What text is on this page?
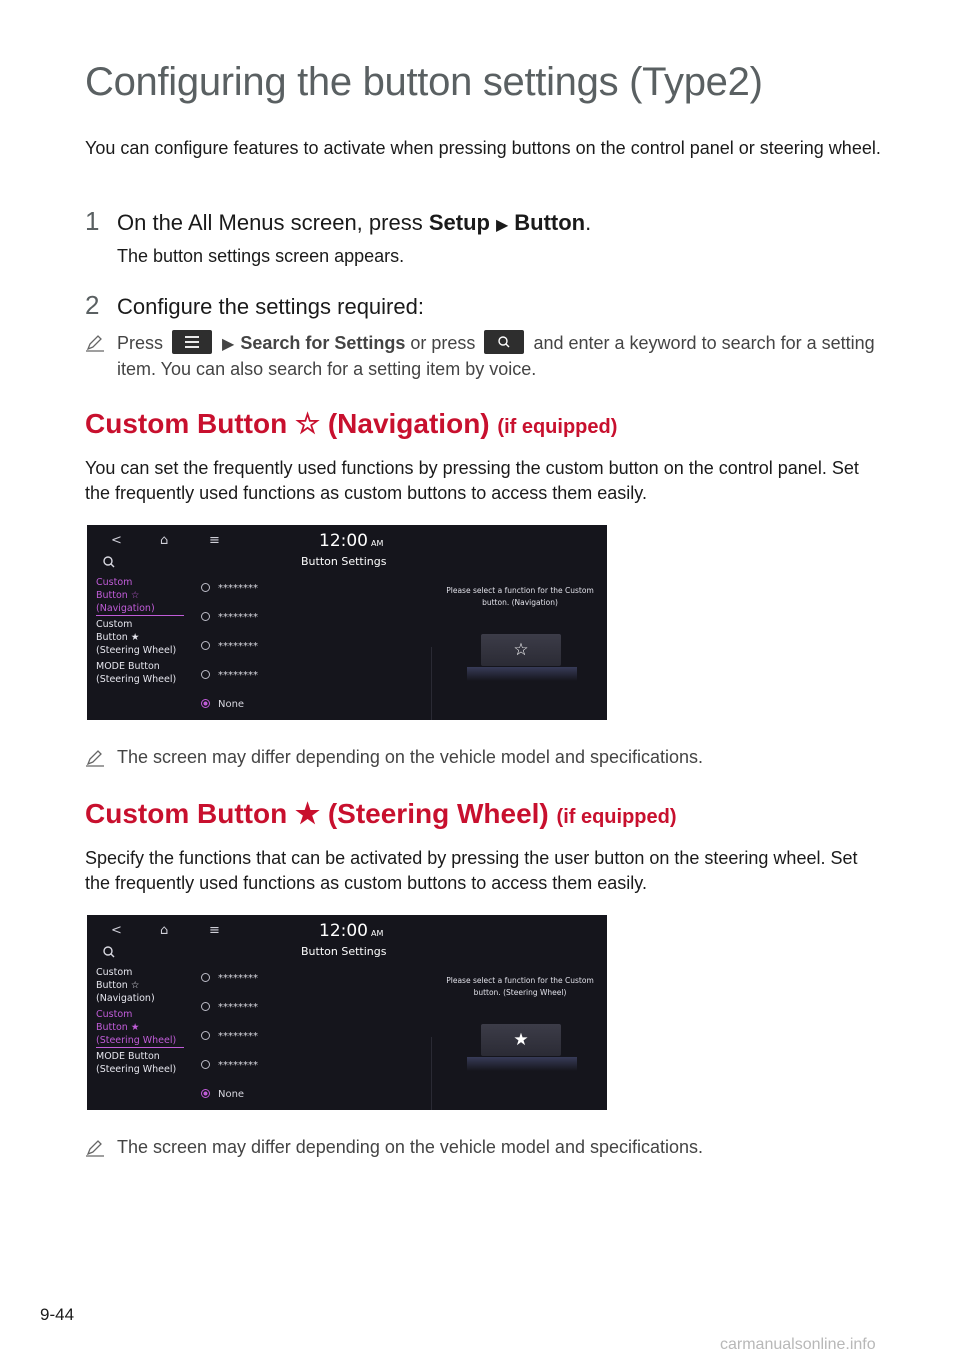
Configuring the button settings (Type2)

You can configure features to activate when pressing buttons on the control panel or steering wheel.

1 On the All Menus screen, press Setup ▶ Button.
The button settings screen appears.
2 Configure the settings required:
Press	▶ Search for Settings or press	and enter a keyword to search for a setting item. You can also search for a setting item by voice.
Custom Button ☆ (Navigation) (if equipped)

You can set the frequently used functions by pressing the custom button on the control panel. Set the frequently used functions as custom buttons to access them easily.

<	⌂	≡	12:00 AM
Button Settings
Custom
Button ☆
(Navigation)
Custom
Button ★
(Steering Wheel)
MODE Button
(Steering Wheel)
********
********
********
********
None
Please select a function for the Custom button. (Navigation)
☆
The screen may differ depending on the vehicle model and specifications.
Custom Button ★ (Steering Wheel) (if equipped)

Specify the functions that can be activated by pressing the user button on the steering wheel. Set the frequently used functions as custom buttons to access them easily.

<	⌂	≡	12:00 AM
Button Settings
Custom
Button ☆
(Navigation)
Custom
Button ★
(Steering Wheel)
MODE Button
(Steering Wheel)
********
********
********
********
None
Please select a function for the Custom button. (Steering Wheel)
★
The screen may differ depending on the vehicle model and specifications.
9-44
carmanualsonline.info
